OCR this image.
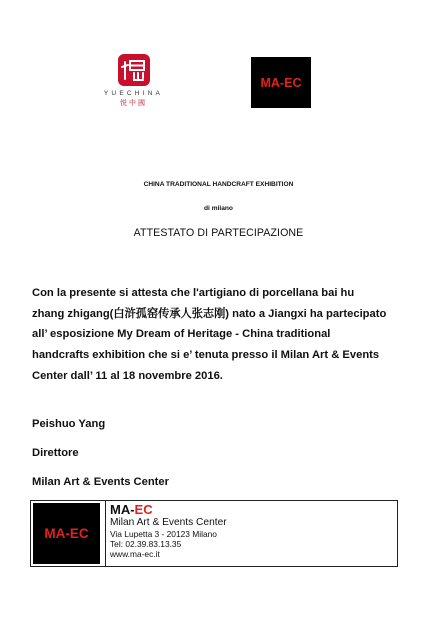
YUECHINA
悦中國
MA-EC
CHINA TRADITIONAL HANDCRAFT EXHIBITION
di milano
ATTESTATO DI PARTECIPAZIONE
Con la presente si attesta che l'artigiano di porcellana bai hu
zhang zhigang(白浒孤窑传承人张志刚) nato a Jiangxi ha partecipato
all’ esposizione My Dream of Heritage - China traditional
handcrafts exhibition che si e’ tenuta presso il Milan Art & Events
Center dall’ 11 al 18 novembre 2016.
Peishuo Yang
Direttore
Milan Art & Events Center
MA-EC
MA-EC
Milan Art & Events Center
Via Lupetta 3 - 20123 Milano
Tel: 02.39.83.13.35
www.ma-ec.it
